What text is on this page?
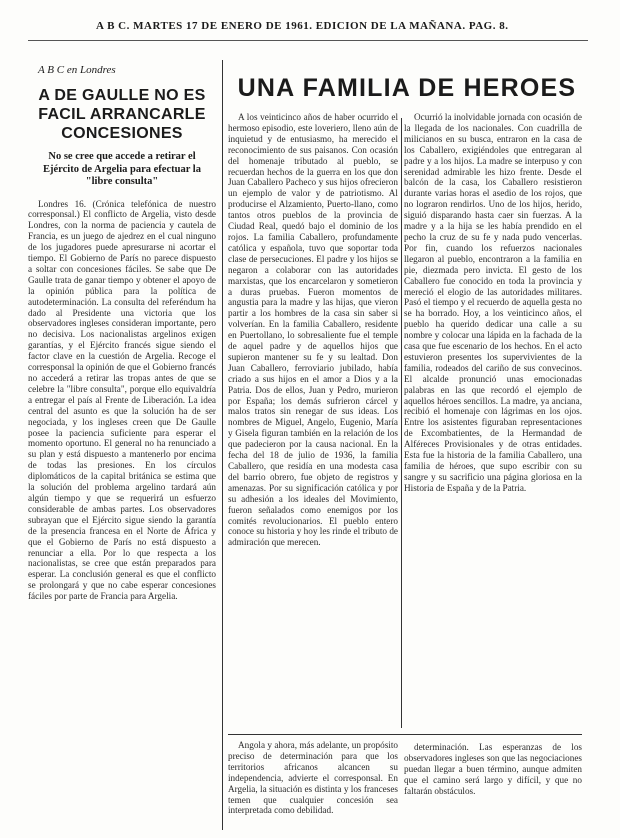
A B C. MARTES 17 DE ENERO DE 1961. EDICION DE LA MAÑANA. PAG. 8.
A B C en Londres
A DE GAULLE NO ES FACIL ARRANCARLE CONCESIONES
No se cree que accede a retirar el Ejército de Argelia para efectuar la "libre consulta"

Londres 16. (Crónica telefónica de nuestro corresponsal.) El conflicto de Argelia, visto desde Londres, con la norma de paciencia y cautela de Francia, es un juego de ajedrez en el cual ninguno de los jugadores puede apresurarse ni acortar el tiempo. El Gobierno de París no parece dispuesto a soltar con concesiones fáciles. Se sabe que De Gaulle trata de ganar tiempo y obtener el apoyo de la opinión pública para la política de autodeterminación. La consulta del referéndum ha dado al Presidente una victoria que los observadores ingleses consideran importante, pero no decisiva. Los nacionalistas argelinos exigen garantías, y el Ejército francés sigue siendo el factor clave en la cuestión de Argelia. Recoge el corresponsal la opinión de que el Gobierno francés no accederá a retirar las tropas antes de que se celebre la "libre consulta", porque ello equivaldría a entregar el país al Frente de Liberación. La idea central del asunto es que la solución ha de ser negociada, y los ingleses creen que De Gaulle posee la paciencia suficiente para esperar el momento oportuno. El general no ha renunciado a su plan y está dispuesto a mantenerlo por encima de todas las presiones. En los círculos diplomáticos de la capital británica se estima que la solución del problema argelino tardará aún algún tiempo y que se requerirá un esfuerzo considerable de ambas partes. Los observadores subrayan que el Ejército sigue siendo la garantía de la presencia francesa en el Norte de África y que el Gobierno de París no está dispuesto a renunciar a ella. Por lo que respecta a los nacionalistas, se cree que están preparados para esperar. La conclusión general es que el conflicto se prolongará y que no cabe esperar concesiones fáciles por parte de Francia para Argelia.

UNA FAMILIA DE HEROES

A los veinticinco años de haber ocurrido el hermoso episodio, este loveriero, lleno aún de inquietud y de entusiasmo, ha merecido el reconocimiento de sus paisanos. Con ocasión del homenaje tributado al pueblo, se recuerdan hechos de la guerra en los que don Juan Caballero Pacheco y sus hijos ofrecieron un ejemplo de valor y de patriotismo. Al producirse el Alzamiento, Puerto-llano, como tantos otros pueblos de la provincia de Ciudad Real, quedó bajo el dominio de los rojos. La familia Caballero, profundamente católica y española, tuvo que soportar toda clase de persecuciones. El padre y los hijos se negaron a colaborar con las autoridades marxistas, que los encarcelaron y sometieron a duras pruebas. Fueron momentos de angustia para la madre y las hijas, que vieron partir a los hombres de la casa sin saber si volverían. En la familia Caballero, residente en Puertollano, lo sobresaliente fue el temple de aquel padre y de aquellos hijos que supieron mantener su fe y su lealtad. Don Juan Caballero, ferroviario jubilado, había criado a sus hijos en el amor a Dios y a la Patria. Dos de ellos, Juan y Pedro, murieron por España; los demás sufrieron cárcel y malos tratos sin renegar de sus ideas. Los nombres de Miguel, Angelo, Eugenio, María y Gisela figuran también en la relación de los que padecieron por la causa nacional. En la fecha del 18 de julio de 1936, la familia Caballero, que residía en una modesta casa del barrio obrero, fue objeto de registros y amenazas. Por su significación católica y por su adhesión a los ideales del Movimiento, fueron señalados como enemigos por los comités revolucionarios. El pueblo entero conoce su historia y hoy les rinde el tributo de admiración que merecen.

Ocurrió la inolvidable jornada con ocasión de la llegada de los nacionales. Con cuadrilla de milicianos en su busca, entraron en la casa de los Caballero, exigiéndoles que entregaran al padre y a los hijos. La madre se interpuso y con serenidad admirable les hizo frente. Desde el balcón de la casa, los Caballero resistieron durante varias horas el asedio de los rojos, que no lograron rendirlos. Uno de los hijos, herido, siguió disparando hasta caer sin fuerzas. A la madre y a la hija se les había prendido en el pecho la cruz de su fe y nada pudo vencerlas. Por fin, cuando los refuerzos nacionales llegaron al pueblo, encontraron a la familia en pie, diezmada pero invicta. El gesto de los Caballero fue conocido en toda la provincia y mereció el elogio de las autoridades militares. Pasó el tiempo y el recuerdo de aquella gesta no se ha borrado. Hoy, a los veinticinco años, el pueblo ha querido dedicar una calle a su nombre y colocar una lápida en la fachada de la casa que fue escenario de los hechos. En el acto estuvieron presentes los supervivientes de la familia, rodeados del cariño de sus convecinos. El alcalde pronunció unas emocionadas palabras en las que recordó el ejemplo de aquellos héroes sencillos. La madre, ya anciana, recibió el homenaje con lágrimas en los ojos. Entre los asistentes figuraban representaciones de Excombatientes, de la Hermandad de Alféreces Provisionales y de otras entidades. Esta fue la historia de la familia Caballero, una familia de héroes, que supo escribir con su sangre y su sacrificio una página gloriosa en la Historia de España y de la Patria.

Angola y ahora, más adelante, un propósito preciso de determinación para que los territorios africanos alcancen su independencia, advierte el corresponsal. En Argelia, la situación es distinta y los franceses temen que cualquier concesión sea interpretada como debilidad.

determinación. Las esperanzas de los observadores ingleses son que las negociaciones puedan llegar a buen término, aunque admiten que el camino será largo y difícil, y que no faltarán obstáculos.
